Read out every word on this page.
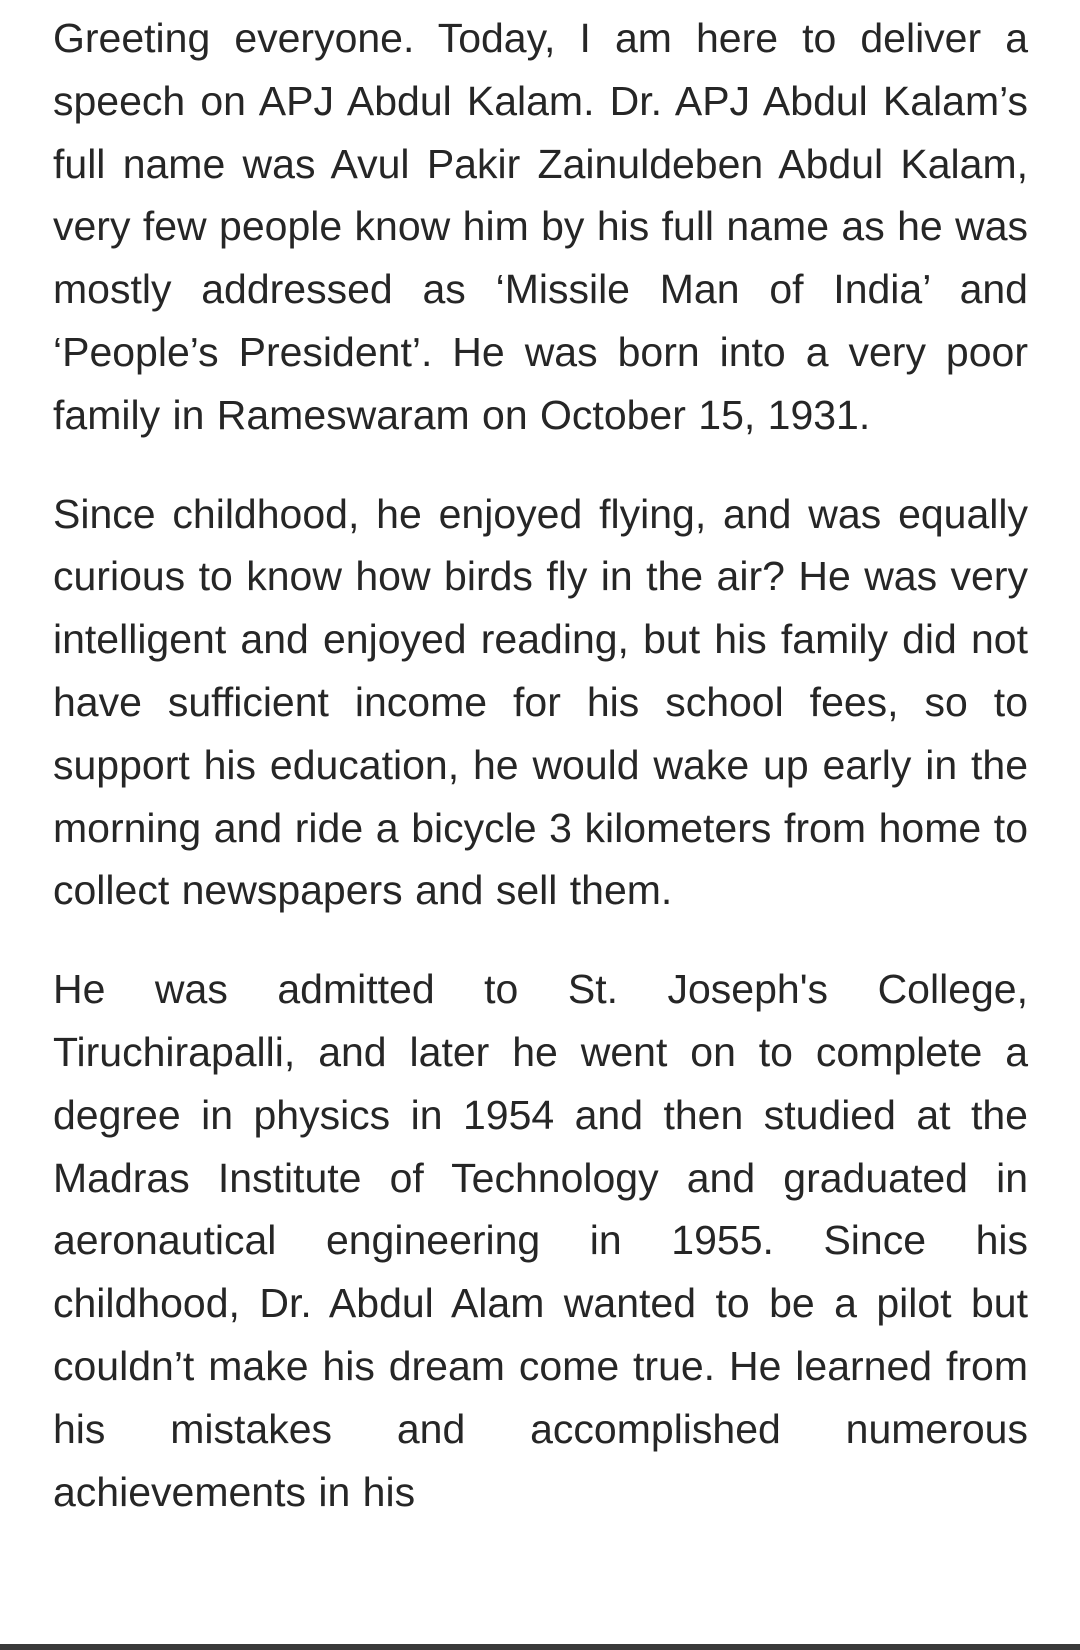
Greeting everyone. Today, I am here to deliver a speech on APJ Abdul Kalam. Dr. APJ Abdul Kalam’s full name was Avul Pakir Zainuldeben Abdul Kalam, very few people know him by his full name as he was mostly addressed as ‘Missile Man of India’ and ‘People’s President’. He was born into a very poor family in Rameswaram on October 15, 1931.

Since childhood, he enjoyed flying, and was equally curious to know how birds fly in the air? He was very intelligent and enjoyed reading, but his family did not have sufficient income for his school fees, so to support his education, he would wake up early in the morning and ride a bicycle 3 kilometers from home to collect newspapers and sell them.

He was admitted to St. Joseph's College, Tiruchirapalli, and later he went on to complete a degree in physics in 1954 and then studied at the Madras Institute of Technology and graduated in aeronautical engineering in 1955. Since his childhood, Dr. Abdul Alam wanted to be a pilot but couldn’t make his dream come true. He learned from his mistakes and accomplished numerous achievements in his
